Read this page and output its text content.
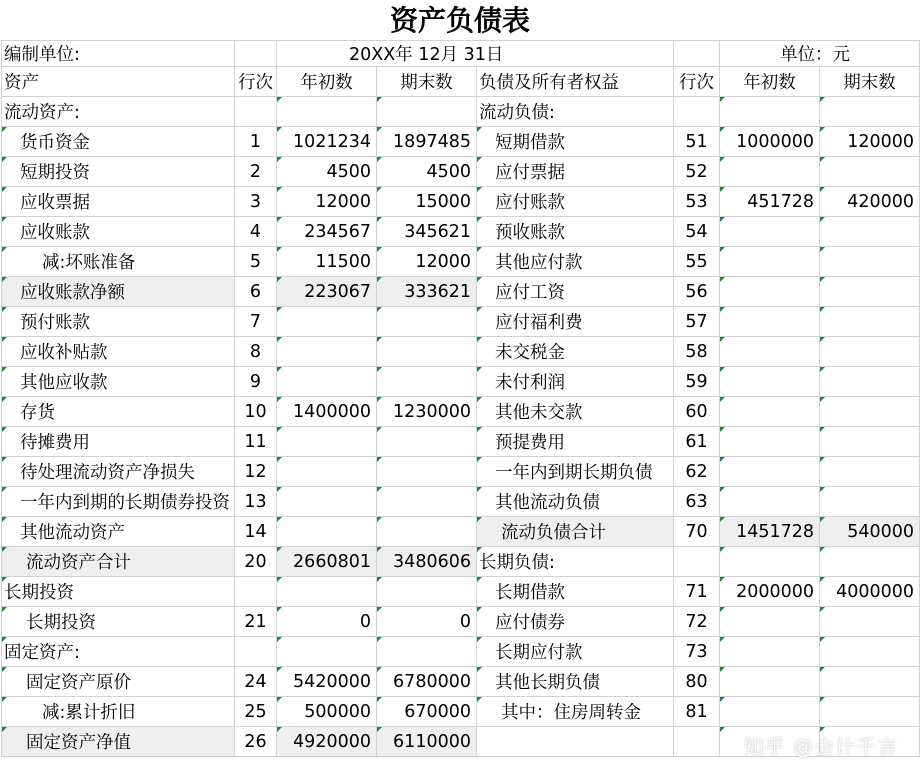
资产负债表
编制单位:		20XX年 12月 31日				单位：元	
资产	行次	年初数	期末数	负债及所有者权益	行次	年初数	期末数
流动资产:				流动负债:			
货币资金	1	1021234	1897485	短期借款	51	1000000	120000
短期投资	2	4500	4500	应付票据	52		
应收票据	3	12000	15000	应付账款	53	451728	420000
应收账款	4	234567	345621	预收账款	54		
减:坏账准备	5	11500	12000	其他应付款	55		
应收账款净额	6	223067	333621	应付工资	56		
预付账款	7			应付福利费	57		
应收补贴款	8			未交税金	58		
其他应收款	9			未付利润	59		
存货	10	1400000	1230000	其他未交款	60		
待摊费用	11			预提费用	61		
待处理流动资产净损失	12			一年内到期长期负债	62		
一年内到期的长期债券投资	13			其他流动负债	63		
其他流动资产	14			流动负债合计	70	1451728	540000
流动资产合计	20	2660801	3480606	长期负债:			
长期投资				长期借款	71	2000000	4000000
长期投资	21	0	0	应付债券	72		
固定资产:				长期应付款	73		
固定资产原价	24	5420000	6780000	其他长期负债	80		
减:累计折旧	25	500000	670000	其中：住房周转金	81		
固定资产净值	26	4920000	6110000					知乎 @会计千言
